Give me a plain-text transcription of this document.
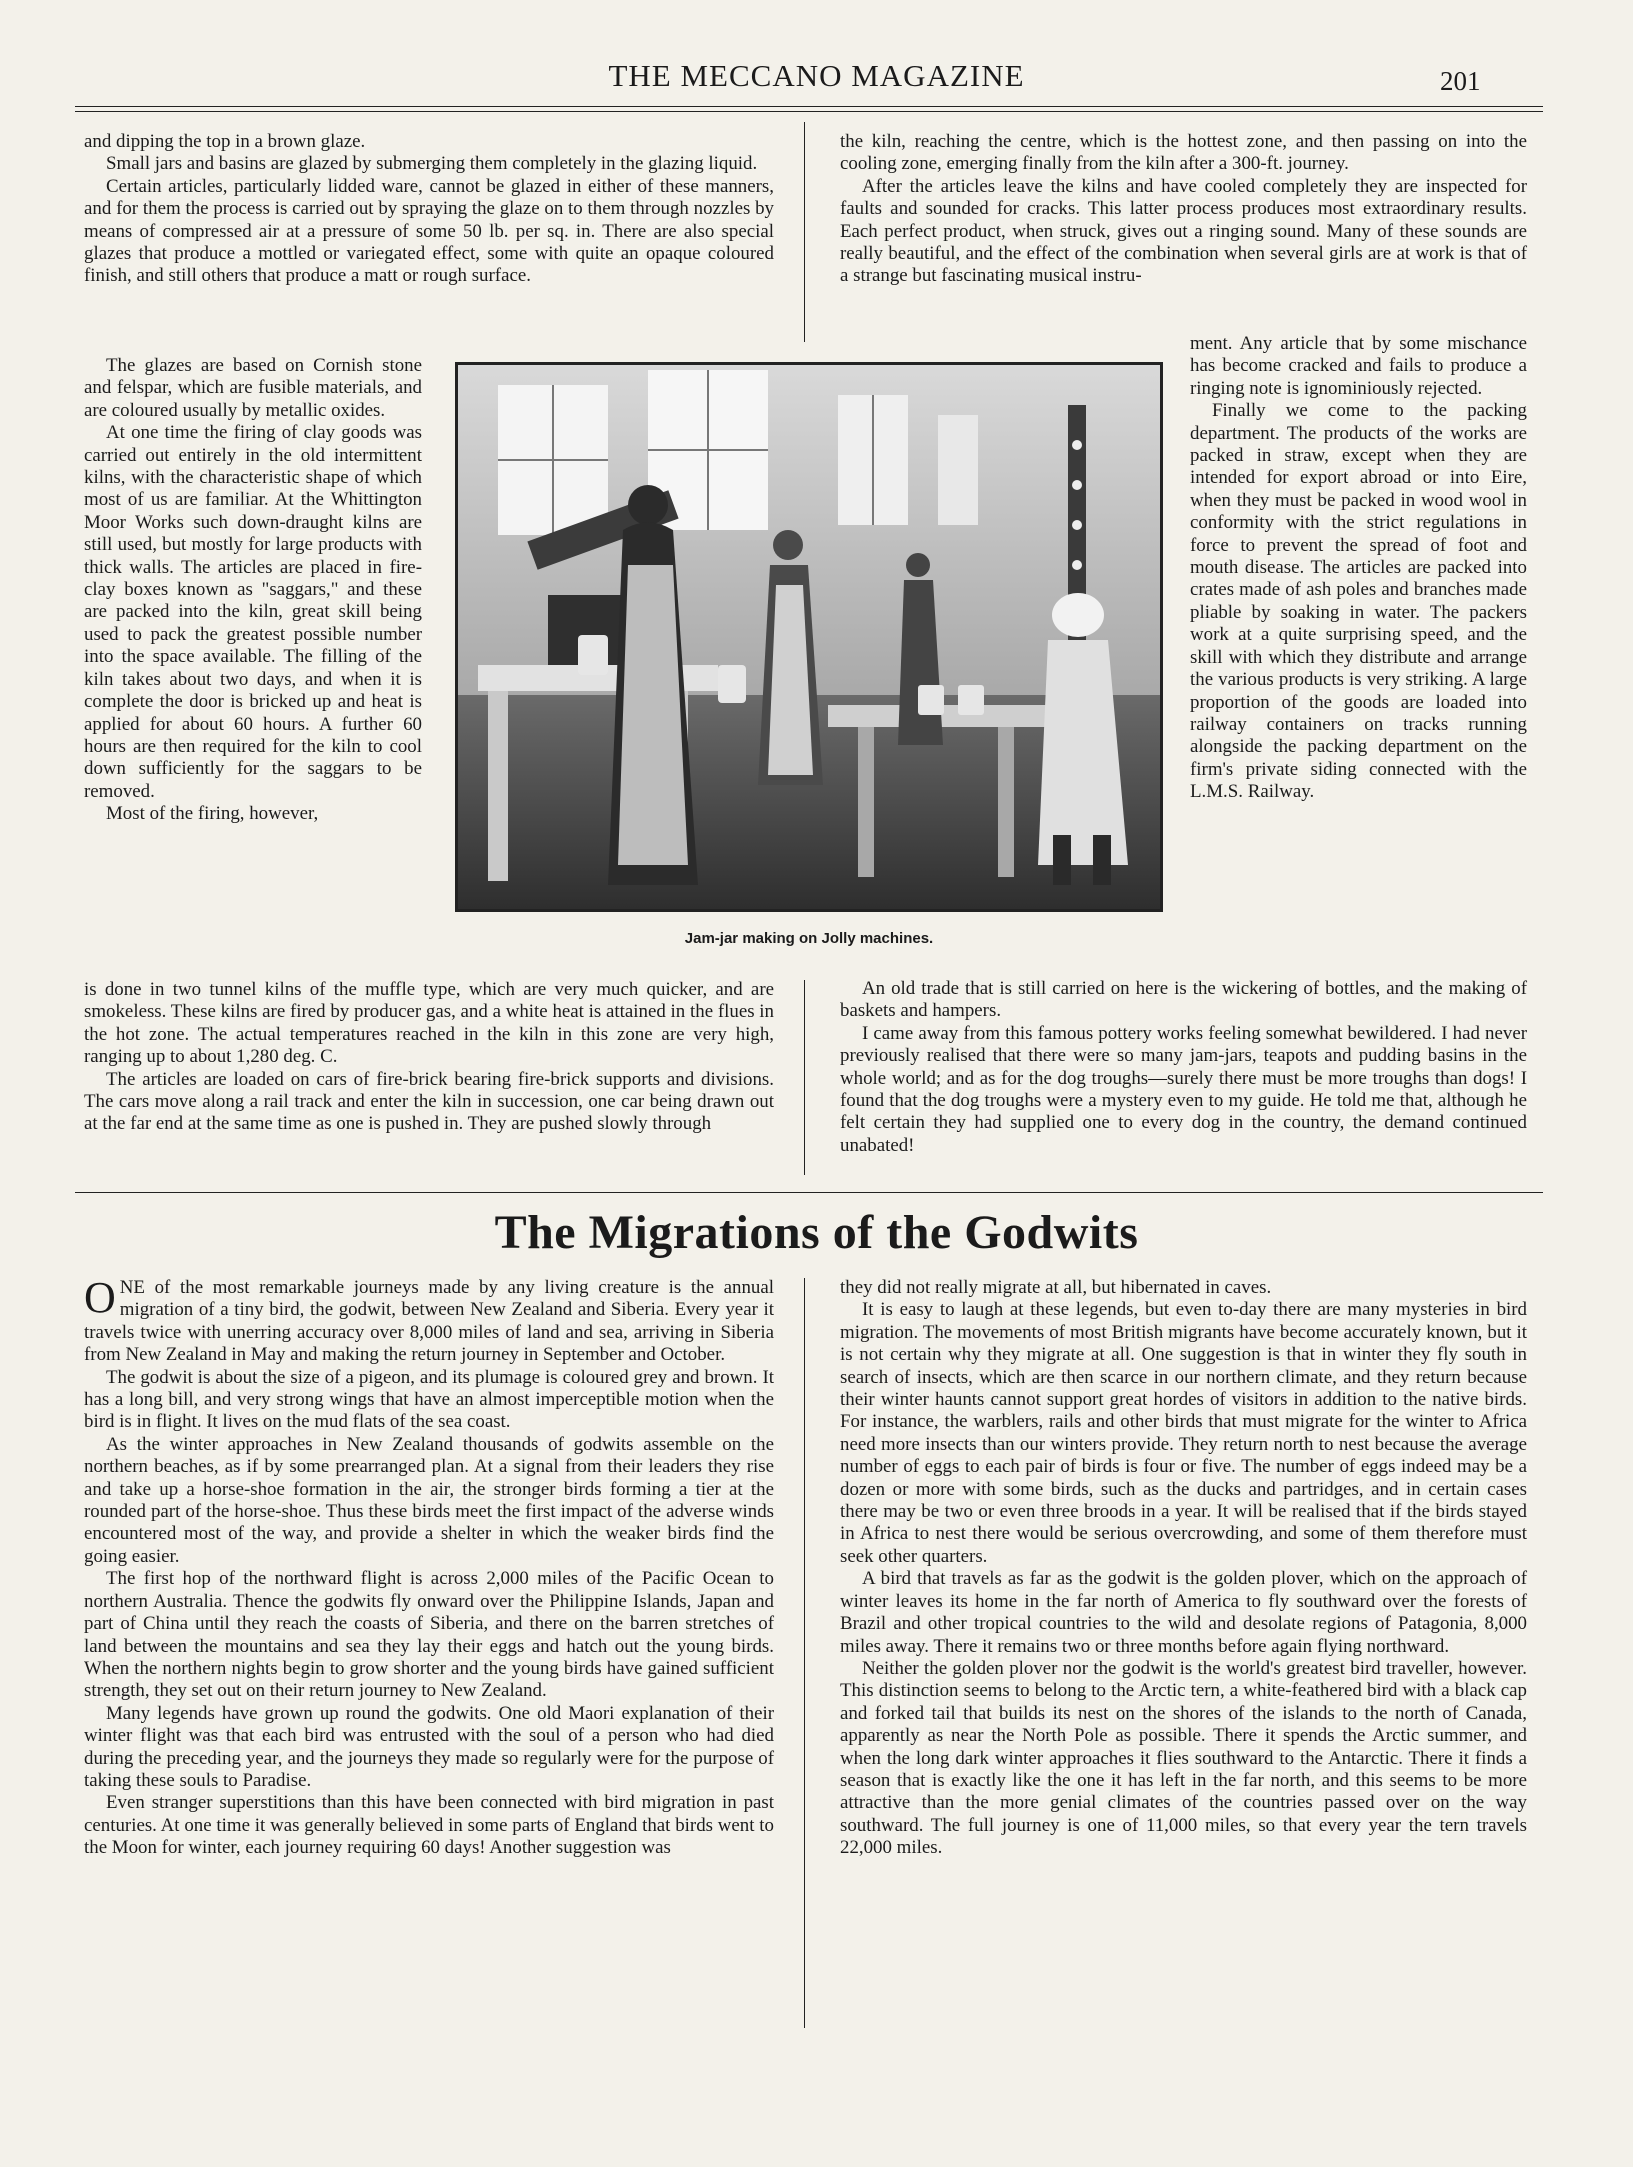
THE MECCANO MAGAZINE	201

and dipping the top in a brown glaze.

Small jars and basins are glazed by submerging them completely in the glazing liquid.

Certain articles, particularly lidded ware, cannot be glazed in either of these manners, and for them the process is carried out by spraying the glaze on to them through nozzles by means of compressed air at a pressure of some 50 lb. per sq. in. There are also special glazes that produce a mottled or variegated effect, some with quite an opaque coloured finish, and still others that produce a matt or rough surface.

The glazes are based on Cornish stone and felspar, which are fusible materials, and are coloured usually by metallic oxides.

At one time the firing of clay goods was carried out entirely in the old intermittent kilns, with the characteristic shape of which most of us are familiar. At the Whittington Moor Works such down-draught kilns are still used, but mostly for large products with thick walls. The articles are placed in fire-clay boxes known as "saggars," and these are packed into the kiln, great skill being used to pack the greatest possible number into the space available. The filling of the kiln takes about two days, and when it is complete the door is bricked up and heat is applied for about 60 hours. A further 60 hours are then required for the kiln to cool down sufficiently for the saggars to be removed.

Most of the firing, however,

is done in two tunnel kilns of the muffle type, which are very much quicker, and are smokeless. These kilns are fired by producer gas, and a white heat is attained in the flues in the hot zone. The actual temperatures reached in the kiln in this zone are very high, ranging up to about 1,280 deg. C.

The articles are loaded on cars of fire-brick bearing fire-brick supports and divisions. The cars move along a rail track and enter the kiln in succession, one car being drawn out at the far end at the same time as one is pushed in. They are pushed slowly through

the kiln, reaching the centre, which is the hottest zone, and then passing on into the cooling zone, emerging finally from the kiln after a 300-ft. journey.

After the articles leave the kilns and have cooled completely they are inspected for faults and sounded for cracks. This latter process produces most extraordinary results. Each perfect product, when struck, gives out a ringing sound. Many of these sounds are really beautiful, and the effect of the combination when several girls are at work is that of a strange but fascinating musical instru-

ment. Any article that by some mischance has become cracked and fails to produce a ringing note is ignominiously rejected.

Finally we come to the packing department. The products of the works are packed in straw, except when they are intended for export abroad or into Eire, when they must be packed in wood wool in conformity with the strict regulations in force to prevent the spread of foot and mouth disease. The articles are packed into crates made of ash poles and branches made pliable by soaking in water. The packers work at a quite surprising speed, and the skill with which they distribute and arrange the various products is very striking. A large proportion of the goods are loaded into railway containers on tracks running alongside the packing department on the firm's private siding connected with the L.M.S. Railway.

An old trade that is still carried on here is the wickering of bottles, and the making of baskets and hampers.

I came away from this famous pottery works feeling somewhat bewildered. I had never previously realised that there were so many jam-jars, teapots and pudding basins in the whole world; and as for the dog troughs—surely there must be more troughs than dogs! I found that the dog troughs were a mystery even to my guide. He told me that, although he felt certain they had supplied one to every dog in the country, the demand continued unabated!

Jam-jar making on Jolly machines.
The Migrations of the Godwits

ONE of the most remarkable journeys made by any living creature is the annual migration of a tiny bird, the godwit, between New Zealand and Siberia. Every year it travels twice with unerring accuracy over 8,000 miles of land and sea, arriving in Siberia from New Zealand in May and making the return journey in September and October.

The godwit is about the size of a pigeon, and its plumage is coloured grey and brown. It has a long bill, and very strong wings that have an almost imperceptible motion when the bird is in flight. It lives on the mud flats of the sea coast.

As the winter approaches in New Zealand thousands of godwits assemble on the northern beaches, as if by some prearranged plan. At a signal from their leaders they rise and take up a horse-shoe formation in the air, the stronger birds forming a tier at the rounded part of the horse-shoe. Thus these birds meet the first impact of the adverse winds encountered most of the way, and provide a shelter in which the weaker birds find the going easier.

The first hop of the northward flight is across 2,000 miles of the Pacific Ocean to northern Australia. Thence the godwits fly onward over the Philippine Islands, Japan and part of China until they reach the coasts of Siberia, and there on the barren stretches of land between the mountains and sea they lay their eggs and hatch out the young birds. When the northern nights begin to grow shorter and the young birds have gained sufficient strength, they set out on their return journey to New Zealand.

Many legends have grown up round the godwits. One old Maori explanation of their winter flight was that each bird was entrusted with the soul of a person who had died during the preceding year, and the journeys they made so regularly were for the purpose of taking these souls to Paradise.

Even stranger superstitions than this have been connected with bird migration in past centuries. At one time it was generally believed in some parts of England that birds went to the Moon for winter, each journey requiring 60 days! Another suggestion was

they did not really migrate at all, but hibernated in caves.

It is easy to laugh at these legends, but even to-day there are many mysteries in bird migration. The movements of most British migrants have become accurately known, but it is not certain why they migrate at all. One suggestion is that in winter they fly south in search of insects, which are then scarce in our northern climate, and they return because their winter haunts cannot support great hordes of visitors in addition to the native birds. For instance, the warblers, rails and other birds that must migrate for the winter to Africa need more insects than our winters provide. They return north to nest because the average number of eggs to each pair of birds is four or five. The number of eggs indeed may be a dozen or more with some birds, such as the ducks and partridges, and in certain cases there may be two or even three broods in a year. It will be realised that if the birds stayed in Africa to nest there would be serious overcrowding, and some of them therefore must seek other quarters.

A bird that travels as far as the godwit is the golden plover, which on the approach of winter leaves its home in the far north of America to fly southward over the forests of Brazil and other tropical countries to the wild and desolate regions of Patagonia, 8,000 miles away. There it remains two or three months before again flying northward.

Neither the golden plover nor the godwit is the world's greatest bird traveller, however. This distinction seems to belong to the Arctic tern, a white-feathered bird with a black cap and forked tail that builds its nest on the shores of the islands to the north of Canada, apparently as near the North Pole as possible. There it spends the Arctic summer, and when the long dark winter approaches it flies southward to the Antarctic. There it finds a season that is exactly like the one it has left in the far north, and this seems to be more attractive than the more genial climates of the countries passed over on the way southward. The full journey is one of 11,000 miles, so that every year the tern travels 22,000 miles.
